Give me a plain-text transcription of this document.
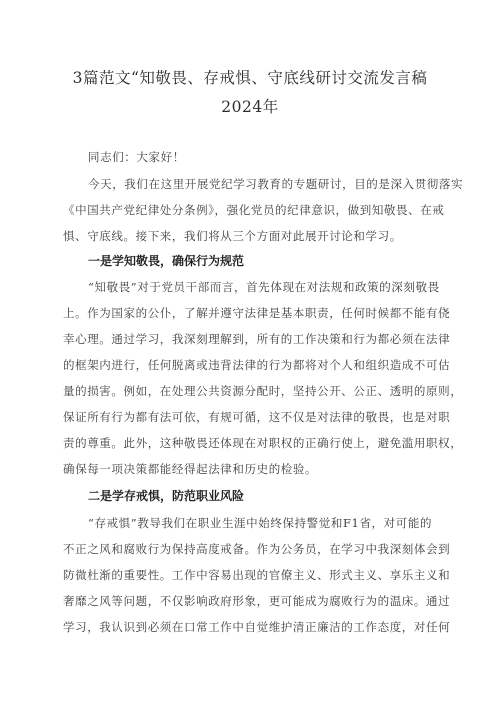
3篇范文“知敬畏、存戒惧、守底线研讨交流发言稿
2024年
同志们：大家好！
今天，我们在这里开展党纪学习教育的专题研讨，目的是深入贯彻落实
《中国共产党纪律处分条例》，强化党员的纪律意识，做到知敬畏、在戒
惧、守底线。接下来，我们将从三个方面对此展开讨论和学习。
一是学知敬畏，确保行为规范
“知敬畏”对于党员干部而言，首先体现在对法规和政策的深刻敬畏
上。作为国家的公仆，了解并遵守法律是基本职责，任何时候都不能有侥
幸心理。通过学习，我深刻理解到，所有的工作决策和行为都必须在法律
的框架内进行，任何脱离或违背法律的行为都将对个人和组织造成不可估
量的损害。例如，在处理公共资源分配时，坚持公开、公正、透明的原则，
保证所有行为都有法可依，有规可循，这不仅是对法律的敬畏，也是对职
责的尊重。此外，这种敬畏还体现在对职权的正确行使上，避免滥用职权，
确保每一项决策都能经得起法律和历史的检验。
二是学存戒惧，防范职业风险
“存戒惧”教导我们在职业生涯中始终保持警觉和F1省，对可能的
不正之风和腐败行为保持高度戒备。作为公务员，在学习中我深刻体会到
防微杜渐的重要性。工作中容易出现的官僚主义、形式主义、享乐主义和
奢靡之风等问题，不仅影响政府形象，更可能成为腐败行为的温床。通过
学习，我认识到必须在口常工作中自觉维护清正廉洁的工作态度，对任何
